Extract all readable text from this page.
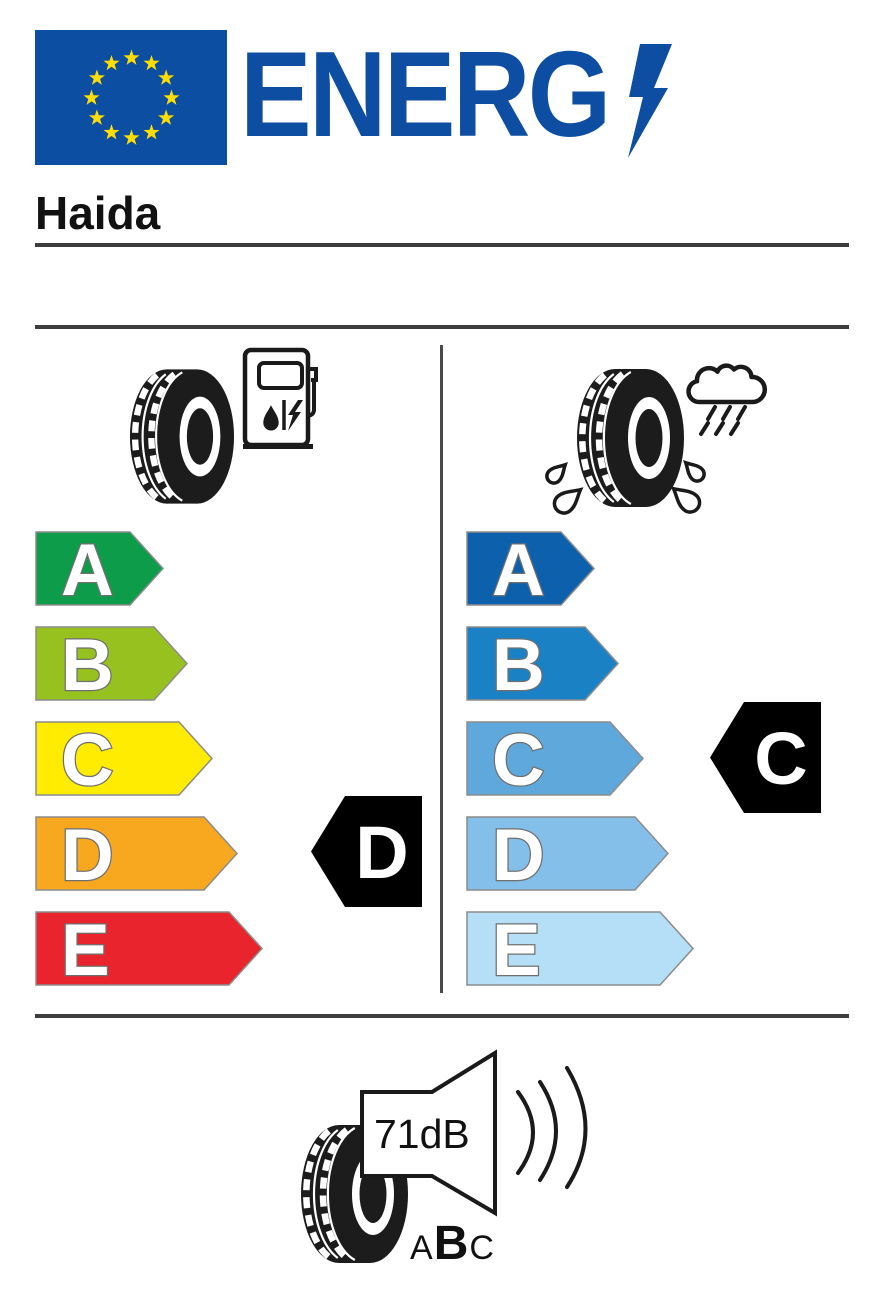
ENERG
Haida
A
B
C
D
E
A
B
C
D
E
D
C
71dB
A B C
